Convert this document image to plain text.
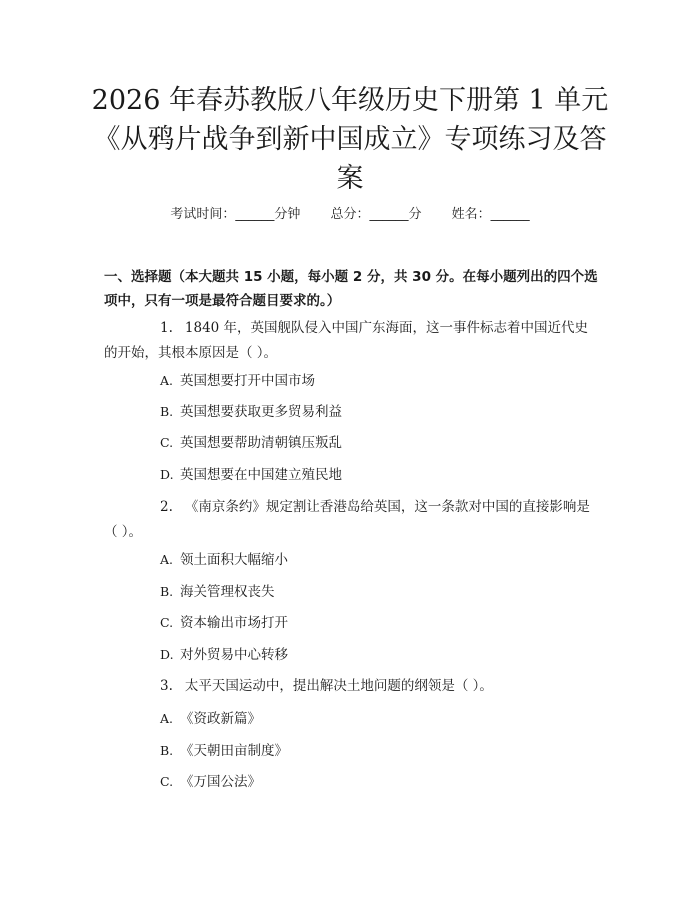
2026 年春苏教版八年级历史下册第 1 单元
《从鸦片战争到新中国成立》专项练习及答
案
考试时间：______分钟 总分：______分 姓名：______

一、选择题（本大题共 15 小题，每小题 2 分，共 30 分。在每小题列出的四个选项中，只有一项是最符合题目要求的。）

1. 1840 年，英国舰队侵入中国广东海面，这一事件标志着中国近代史的开始，其根本原因是（ ）。

A. 英国想要打开中国市场
B. 英国想要获取更多贸易利益
C. 英国想要帮助清朝镇压叛乱
D. 英国想要在中国建立殖民地

2. 《南京条约》规定割让香港岛给英国，这一条款对中国的直接影响是（ ）。

A. 领土面积大幅缩小
B. 海关管理权丧失
C. 资本输出市场打开
D. 对外贸易中心转移

3. 太平天国运动中，提出解决土地问题的纲领是（ ）。

A. 《资政新篇》
B. 《天朝田亩制度》
C. 《万国公法》
